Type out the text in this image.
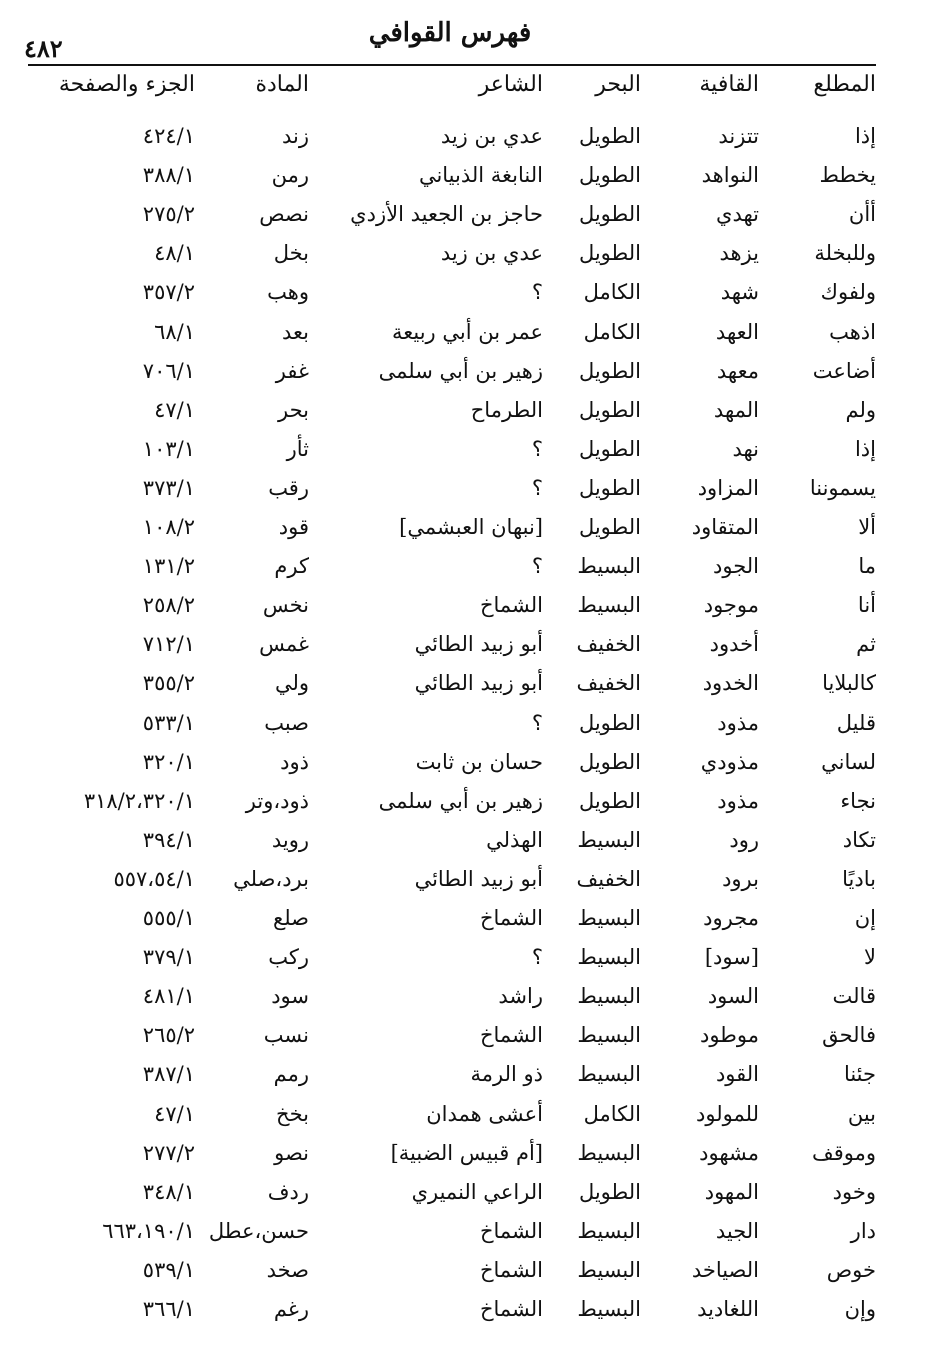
فهرس القوافي
٤٨٢
المطلع
القافية
البحر
الشاعر
المادة
الجزء والصفحة
إذا
تتزند
الطويل
عدي بن زيد
زند
٤٢٤/١
يخطط
النواهد
الطويل
النابغة الذبياني
رمن
٣٨٨/١
أأن
تهدي
الطويل
حاجز بن الجعيد الأزدي
نصص
٢٧٥/٢
وللبخلة
يزهد
الطويل
عدي بن زيد
بخل
٤٨/١
ولفوك
شهد
الكامل
؟
وهب
٣٥٧/٢
اذهب
العهد
الكامل
عمر بن أبي ربيعة
بعد
٦٨/١
أضاعت
معهد
الطويل
زهير بن أبي سلمى
غفر
٧٠٦/١
ولم
المهد
الطويل
الطرماح
بحر
٤٧/١
إذا
نهد
الطويل
؟
ثأر
١٠٣/١
يسموننا
المزاود
الطويل
؟
رقب
٣٧٣/١
ألا
المتقاود
الطويل
[نبهان العبشمي]
قود
١٠٨/٢
ما
الجود
البسيط
؟
كرم
١٣١/٢
أنا
موجود
البسيط
الشماخ
نخس
٢٥٨/٢
ثم
أخدود
الخفيف
أبو زبيد الطائي
غمس
٧١٢/١
كالبلايا
الخدود
الخفيف
أبو زبيد الطائي
ولي
٣٥٥/٢
قليل
مذود
الطويل
؟
صبب
٥٣٣/١
لساني
مذودي
الطويل
حسان بن ثابت
ذود
٣٢٠/١
نجاء
مذود
الطويل
زهير بن أبي سلمى
ذود،وتر
٣١٨/٢،٣٢٠/١
تكاد
رود
البسيط
الهذلي
رويد
٣٩٤/١
باديًا
برود
الخفيف
أبو زبيد الطائي
برد،صلي
٥٥٧،٥٤/١
إن
مجرود
البسيط
الشماخ
صلع
٥٥٥/١
لا
[سود]
البسيط
؟
ركب
٣٧٩/١
قالت
السود
البسيط
راشد
سود
٤٨١/١
فالحق
موطود
البسيط
الشماخ
نسب
٢٦٥/٢
جئنا
القود
البسيط
ذو الرمة
رمم
٣٨٧/١
بين
للمولود
الكامل
أعشى همدان
بخخ
٤٧/١
وموقف
مشهود
البسيط
[أم قبيس الضبية]
نصو
٢٧٧/٢
وخود
المهود
الطويل
الراعي النميري
ردف
٣٤٨/١
دار
الجيد
البسيط
الشماخ
حسن،عطل
٦٦٣،١٩٠/١
خوص
الصياخد
البسيط
الشماخ
صخد
٥٣٩/١
وإن
اللغاديد
البسيط
الشماخ
رغم
٣٦٦/١
